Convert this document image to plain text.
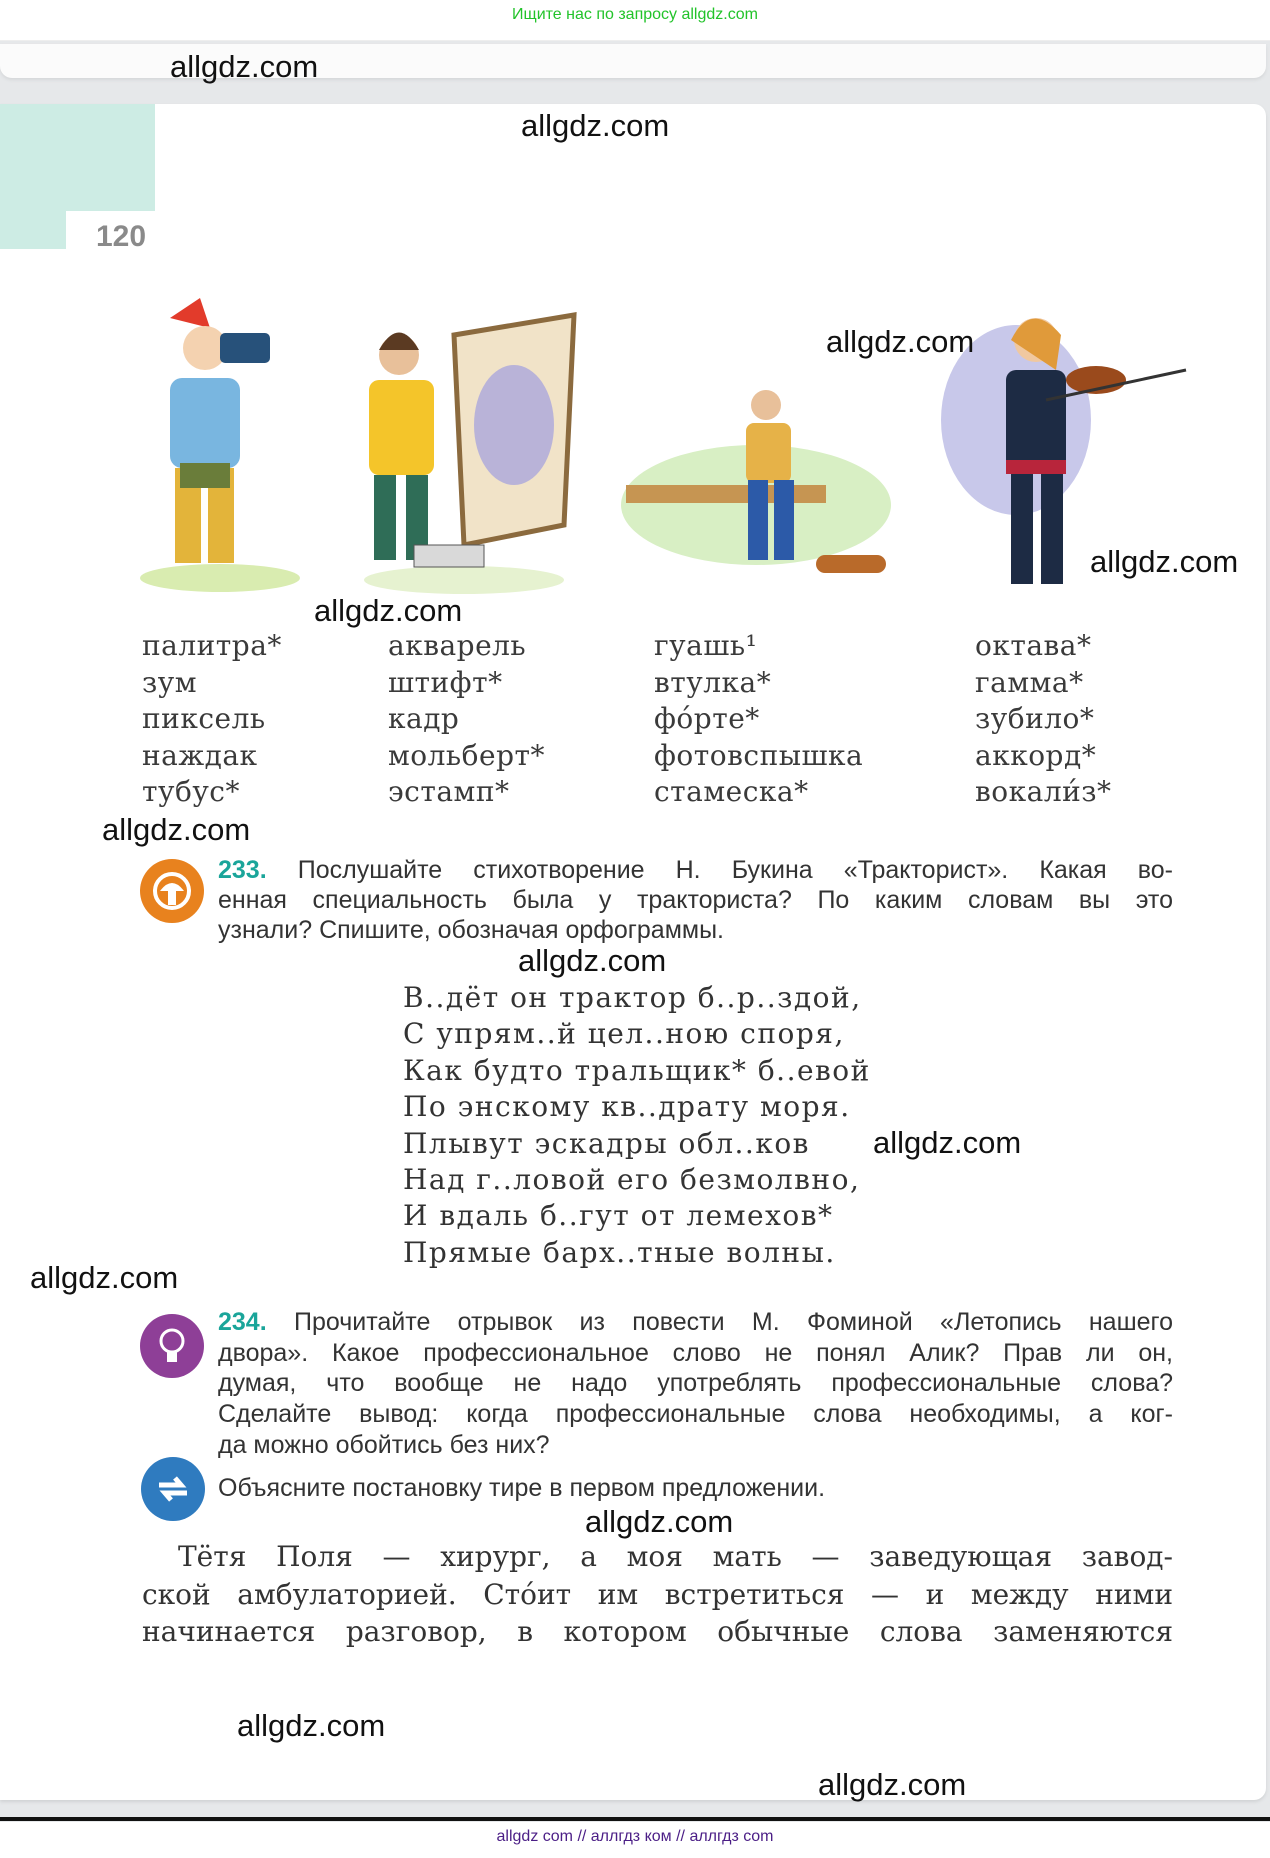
Ищите нас по запросу allgdz.com
120
палитра*
зум
пиксель
наждак
тубус*
акварель
штифт*
кадр
мольберт*
эстамп*
гуашь¹
втулка*
фо́рте*
фотовспышка
стамеска*
октава*
гамма*
зубило*
аккорд*
вокали́з*
233. Послушайте стихотворение Н. Букина «Тракторист». Какая во-
енная специальность была у тракториста? По каким словам вы это
узнали? Спишите, обозначая орфограммы.
В..дёт он трактор б..р..здой,
С упрям..й цел..ною споря,
Как будто тральщик* б..евой
По энскому кв..драту моря.
Плывут эскадры обл..ков
Над г..ловой его безмолвно,
И вдаль б..гут от лемехов*
Прямые барх..тные волны.
234. Прочитайте отрывок из повести М. Фоминой «Летопись нашего
двора». Какое профессиональное слово не понял Алик? Прав ли он,
думая, что вообще не надо употреблять профессиональные слова?
Сделайте вывод: когда профессиональные слова необходимы, а ког-
да можно обойтись без них?
Объясните постановку тире в первом предложении.
Тётя Поля — хирург, а моя мать — заведующая завод-
ской амбулаторией. Сто́ит им встретиться — и между ними
начинается разговор, в котором обычные слова заменяются
allgdz.com
allgdz.com
allgdz.com
allgdz.com
allgdz.com
allgdz.com
allgdz.com
allgdz.com
allgdz.com
allgdz.com
allgdz.com
allgdz.com
allgdz com // аллгдз ком // аллгдз com
